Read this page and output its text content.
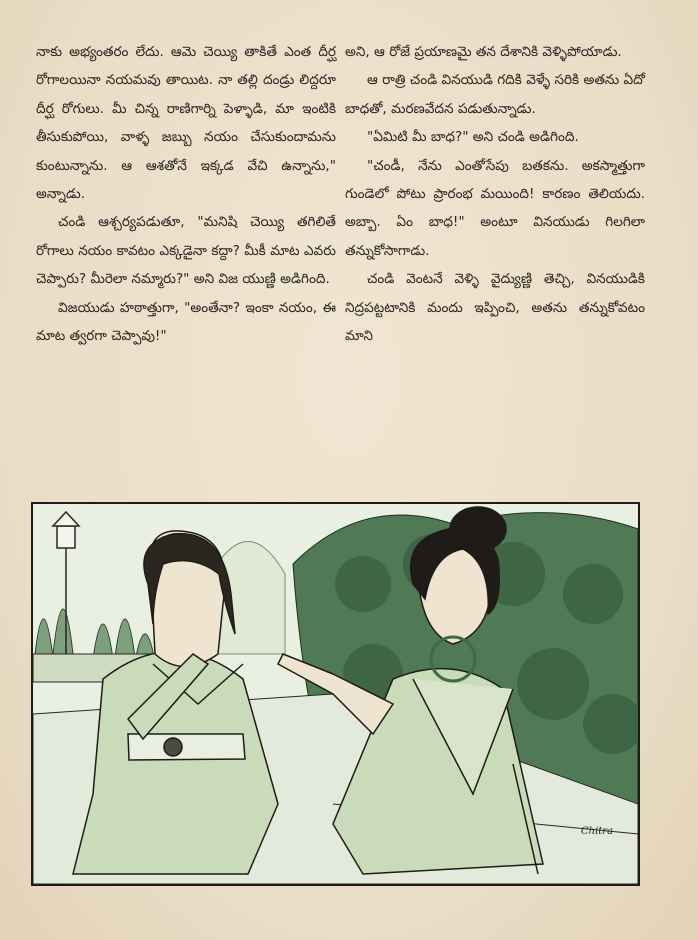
నాకు అభ్యంతరం లేదు. ఆమె చెయ్యి తాకితే ఎంత దీర్ఘ రోగాలయినా నయమవు తాయిట. నా తల్లి దండ్రు లిద్దరూ దీర్ఘ రోగులు. మీ చిన్న రాణిగార్ని పెళ్ళాడి, మా ఇంటికి తీసుకుపోయి, వాళ్ళ జబ్బు నయం చేసుకుందామను కుంటున్నాను. ఆ ఆశతోనే ఇక్కడ వేచి ఉన్నాను," అన్నాడు.

చండి ఆశ్చర్యపడుతూ, "మనిషి చెయ్యి తగిలితే రోగాలు నయం కావటం ఎక్కడైనా కద్దా? మీకీ మాట ఎవరు చెప్పారు? మీరెలా నమ్మారు?" అని విజ యుణ్ణి అడిగింది.

విజయుడు హఠాత్తుగా, "అంతేనా? ఇంకా నయం, ఈ మాట త్వరగా చెప్పావు!"

అని, ఆ రోజే ప్రయాణమై తన దేశానికి వెళ్ళిపోయాడు.

ఆ రాత్రి చండి వినయుడి గదికి వెళ్ళే సరికి అతను ఏదో బాధతో, మరణవేదన పడుతున్నాడు.

"ఏమిటి మీ బాధ?" అని చండి అడిగింది.

"చండీ, నేను ఎంతోసేపు బతకను. అకస్మాత్తుగా గుండెలో పోటు ప్రారంభ మయింది! కారణం తెలియదు. అబ్బా. ఏం బాధ!" అంటూ వినయుడు గిలగిలా తన్నుకోసాగాడు.

చండి వెంటనే వెళ్ళి వైద్యుణ్ణి తెచ్చి, వినయుడికి నిద్రపట్టటానికి మందు ఇప్పించి, అతను తన్నుకోవటం మాని

Chitra
